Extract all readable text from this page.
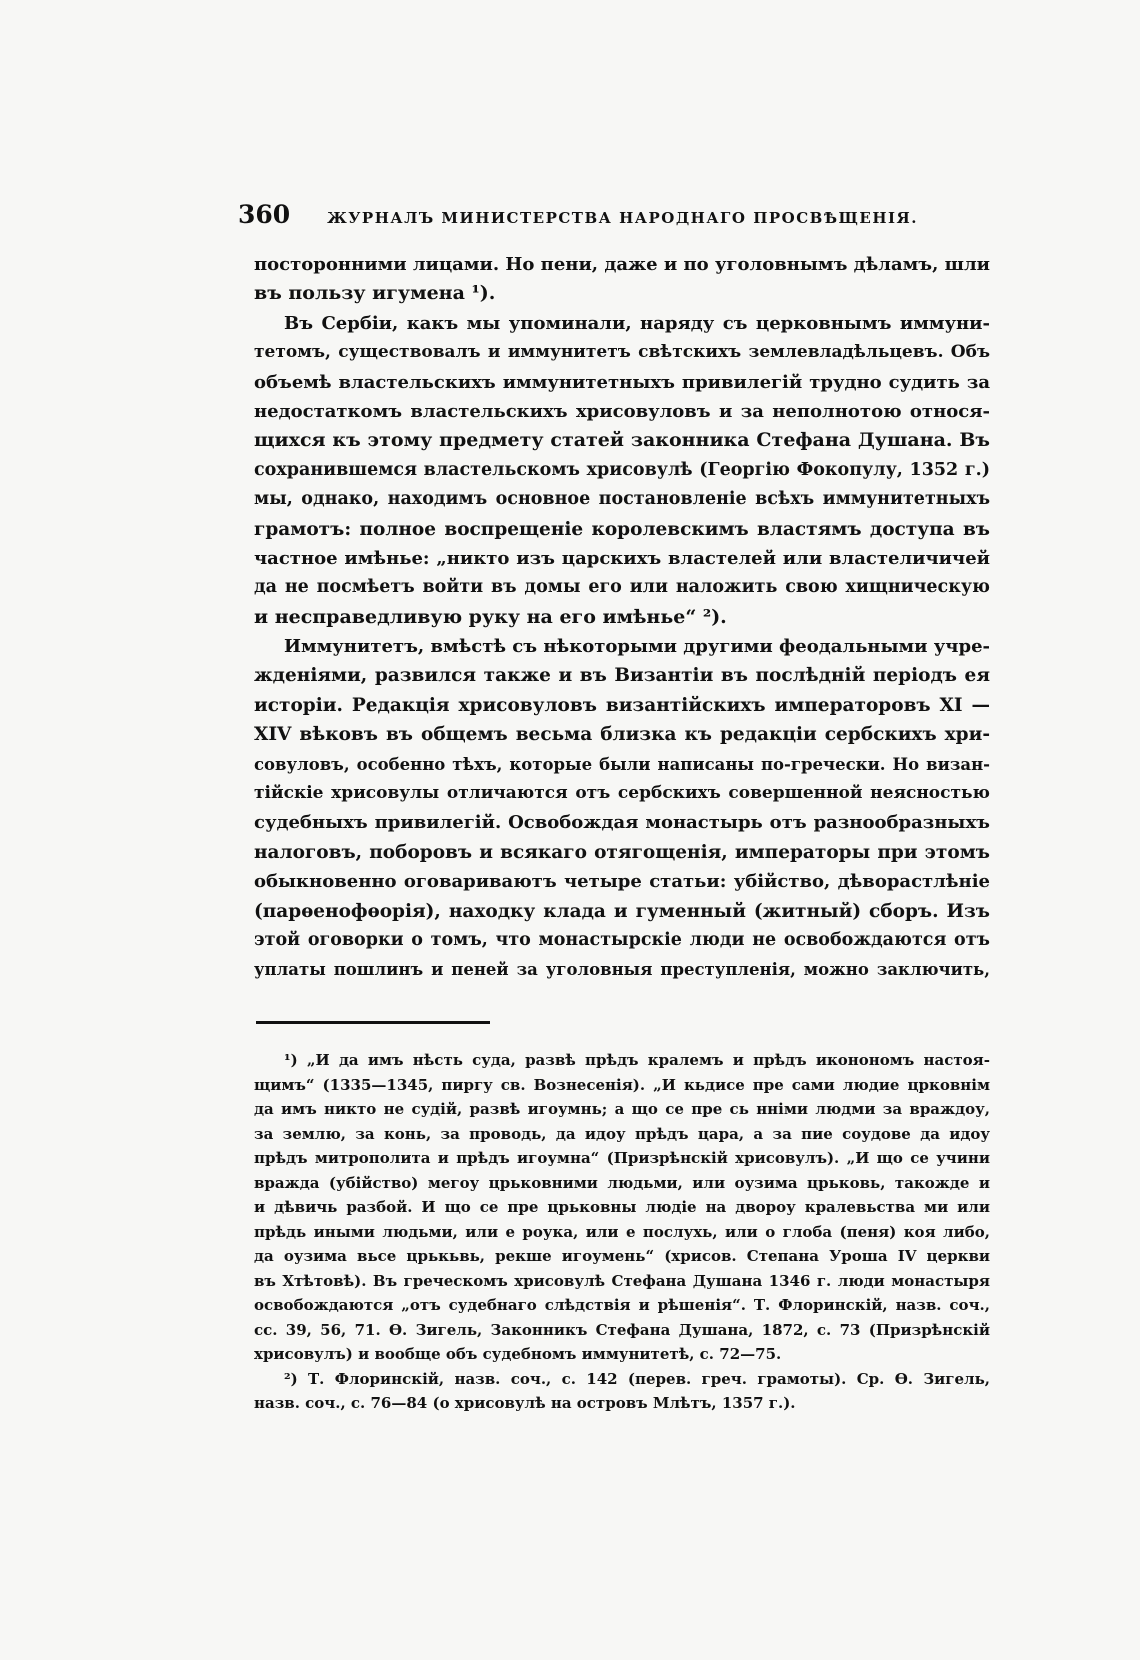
360	ЖУРНАЛЪ МИНИСТЕРСТВА НАРОДНАГО ПРОСВѢЩЕНІЯ.
посторонними лицами. Но пени, даже и по уголовнымъ дѣламъ, шли
въ пользу игумена ¹).
Въ Сербіи, какъ мы упоминали, наряду съ церковнымъ иммуни-
тетомъ, существовалъ и иммунитетъ свѣтскихъ землевладѣльцевъ. Объ
объемѣ властельскихъ иммунитетныхъ привилегій трудно судить за
недостаткомъ властельскихъ хрисовуловъ и за неполнотою относя-
щихся къ этому предмету статей законника Стефана Душана. Въ
сохранившемся властельскомъ хрисовулѣ (Георгію Фокопулу, 1352 г.)
мы, однако, находимъ основное постановленіе всѣхъ иммунитетныхъ
грамотъ: полное воспрещеніе королевскимъ властямъ доступа въ
частное имѣнье: „никто изъ царскихъ властелей или властеличичей
да не посмѣетъ войти въ домы его или наложить свою хищническую
и несправедливую руку на его имѣнье“ ²).
Иммунитетъ, вмѣстѣ съ нѣкоторыми другими феодальными учре-
жденіями, развился также и въ Византіи въ послѣдній періодъ ея
исторіи. Редакція хрисовуловъ византійскихъ императоровъ XI —
XIV вѣковъ въ общемъ весьма близка къ редакціи сербскихъ хри-
совуловъ, особенно тѣхъ, которые были написаны по-гречески. Но визан-
тійскіе хрисовулы отличаются отъ сербскихъ совершенной неясностью
судебныхъ привилегій. Освобождая монастырь отъ разнообразныхъ
налоговъ, поборовъ и всякаго отягощенія, императоры при этомъ
обыкновенно оговариваютъ четыре статьи: убійство, дѣворастлѣніе
(парѳенофѳорія), находку клада и гуменный (житный) сборъ. Изъ
этой оговорки о томъ, что монастырскіе люди не освобождаются отъ
уплаты пошлинъ и пеней за уголовныя преступленія, можно заключить,
¹) „И да имъ нѣсть суда, развѣ прѣдъ кралемъ и прѣдъ иконономъ настоя-
щимъ“ (1335—1345, пиргу св. Вознесенія). „И кьдисе пре сами людие црковнім
да имъ никто не судій, развѣ игоумнь; а що се пре сь нніми людми за враждоу,
за землю, за конь, за проводь, да идоу прѣдъ цара, а за пие соудове да идоу
прѣдъ митрополита и прѣдъ игоумна“ (Призрѣнскій хрисовулъ). „И що се учини
вражда (убійство) мегоу црьковними людьми, или оузима црьковь, такожде и
и дѣвичь разбой. И що се пре црьковны людіе на двороу кралевьства ми или
прѣдь иными людьми, или е роука, или е послухь, или о глоба (пеня) коя либо,
да оузима вьсе црькьвь, рекше игоумень“ (хрисов. Степана Уроша IV церкви
въ Хтѣтовѣ). Въ греческомъ хрисовулѣ Стефана Душана 1346 г. люди монастыря
освобождаются „отъ судебнаго слѣдствія и рѣшенія“. Т. Флоринскій, назв. соч.,
сс. 39, 56, 71. Ѳ. Зигель, Законникъ Стефана Душана, 1872, с. 73 (Призрѣнскій
хрисовулъ) и вообще объ судебномъ иммунитетѣ, с. 72—75.
²) Т. Флоринскій, назв. соч., с. 142 (перев. греч. грамоты). Ср. Ѳ. Зигель,
назв. соч., с. 76—84 (о хрисовулѣ на островъ Млѣтъ, 1357 г.).
